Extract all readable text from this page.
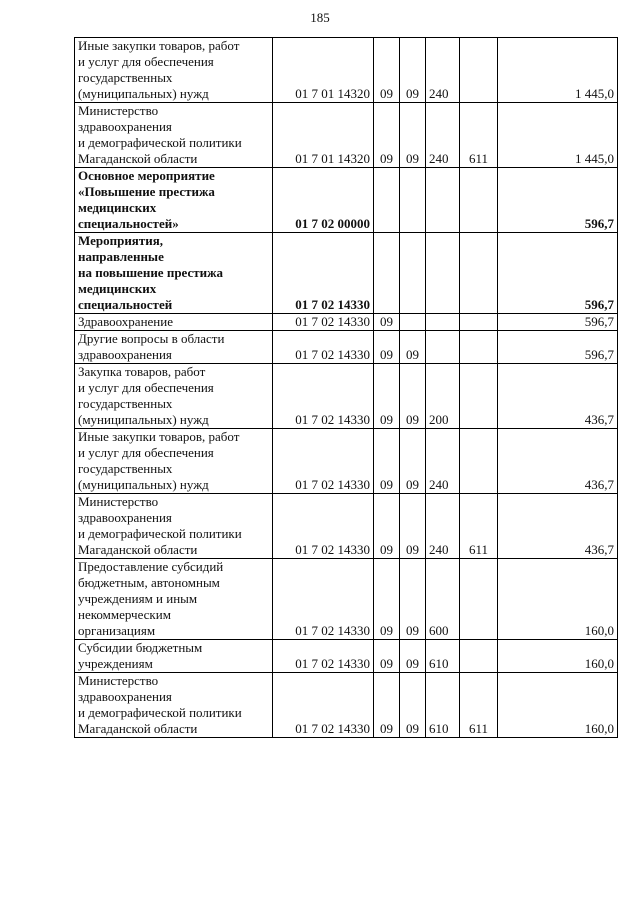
185
Иные закупки товаров, работ
и услуг для обеспечения
государственных
(муниципальных) нужд	01 7 01 14320	09	09	240		1 445,0

Министерство
здравоохранения
и демографической политики
Магаданской области	01 7 01 14320	09	09	240	611	1 445,0

Основное мероприятие
«Повышение престижа
медицинских
специальностей»	01 7 02 00000					596,7

Мероприятия,
направленные
на повышение престижа
медицинских
специальностей	01 7 02 14330					596,7

Здравоохранение	01 7 02 14330	09				596,7

Другие вопросы в области
здравоохранения	01 7 02 14330	09	09			596,7

Закупка товаров, работ
и услуг для обеспечения
государственных
(муниципальных) нужд	01 7 02 14330	09	09	200		436,7

Иные закупки товаров, работ
и услуг для обеспечения
государственных
(муниципальных) нужд	01 7 02 14330	09	09	240		436,7

Министерство
здравоохранения
и демографической политики
Магаданской области	01 7 02 14330	09	09	240	611	436,7

Предоставление субсидий
бюджетным, автономным
учреждениям и иным
некоммерческим
организациям	01 7 02 14330	09	09	600		160,0

Субсидии бюджетным
учреждениям	01 7 02 14330	09	09	610		160,0

Министерство
здравоохранения
и демографической политики
Магаданской области	01 7 02 14330	09	09	610	611	160,0
